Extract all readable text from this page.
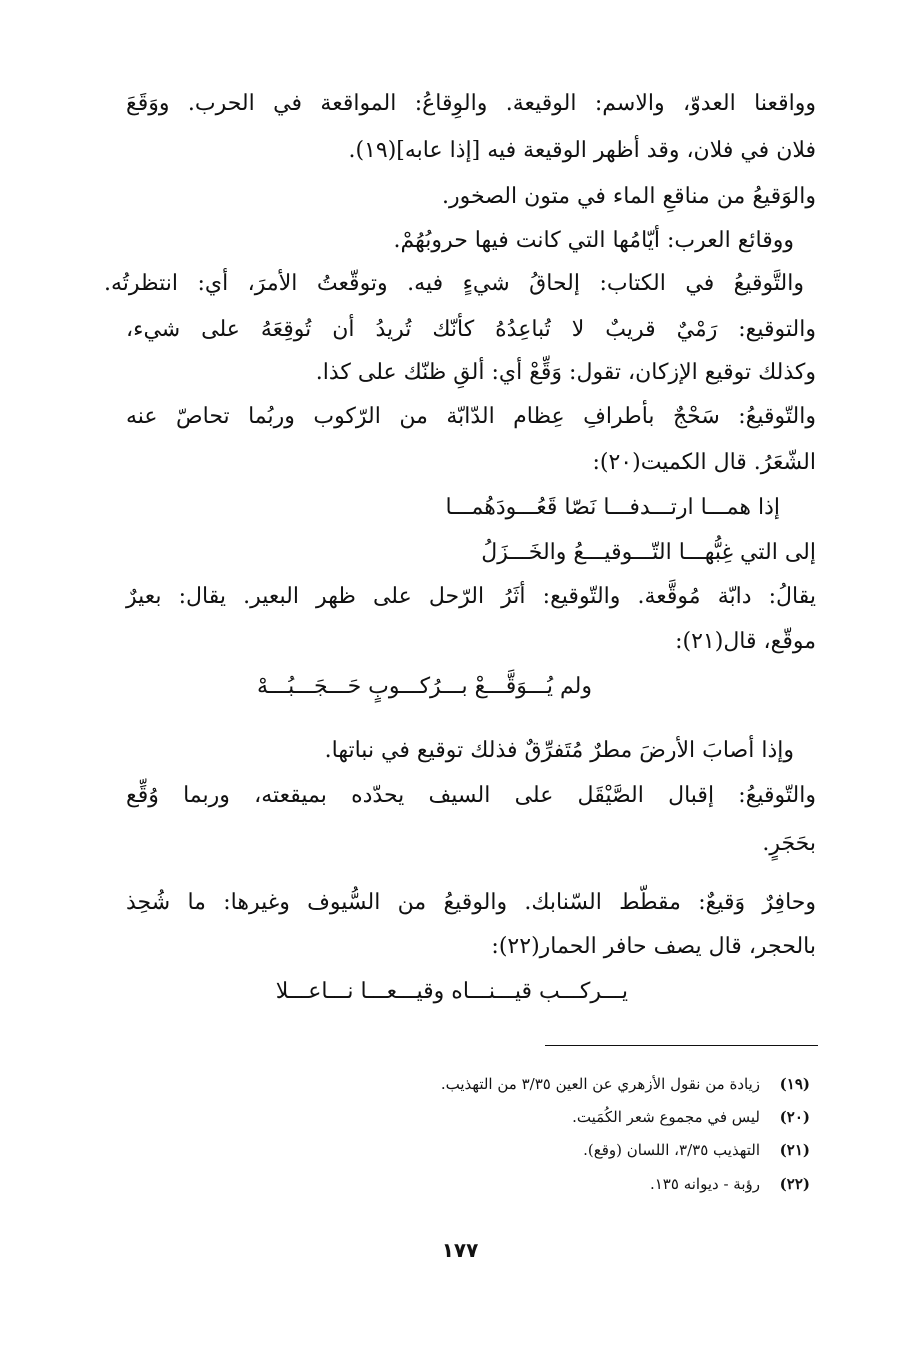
وواقعنا العدوّ، والاسم: الوقيعة. والوِقاعُ: المواقعة في الحرب. ووَقَعَ
فلان في فلان، وقد أظهر الوقيعة فيه [إذا عابه](١٩).
والوَقيعُ من مناقعِ الماء في متون الصخور.
ووقائع العرب: أيّامُها التي كانت فيها حروبُهُمْ.
والتَّوقيعُ في الكتاب: إلحاقُ شيءٍ فيه. وتوقّعتُ الأمرَ، أي: انتظرتُه.
والتوقيع: رَمْيٌ قريبٌ لا تُباعِدُهُ كأنّك تُريدُ أن تُوقِعَهُ على شيء،
وكذلك توقيع الإزكان، تقول: وَقِّعْ أي: ألقِ ظنّك على كذا.
والتّوقيعُ: سَحْجٌ بأطرافِ عِظام الدّابّة من الرّكوب وربُما تحاصّ عنه
الشّعَرُ. قال الكميت(٢٠):
إذا همـــا ارتـــدفـــا نَصّا قَعُـــودَهُمـــا
إلى التي غِبُّهـــا التّـــوقيـــعُ والخَـــزَلُ
يقالُ: دابّة مُوقَّعة. والتّوقيع: أثَرُ الرّحل على ظهر البعير. يقال: بعيرٌ
موقّع، قال(٢١):
ولم يُـــوَقَّـــعْ بـــرُكـــوبٍ حَـــجَـــبُـــهْ
وإذا أصابَ الأرضَ مطرٌ مُتَفرِّقٌ فذلك توقيع في نباتها.
والتّوقيعُ: إقبال الصَّيْقَل على السيف يحدّده بميقعته، وربما وُقِّع
بحَجَرٍ.
وحافِرٌ وَقيعٌ: مقطّط السّنابك. والوقيعُ من السُّيوف وغيرها: ما شُحِذ
بالحجر، قال يصف حافر الحمار(٢٢):
يـــركـــب قيـــنـــاه وقيـــعـــا نـــاعـــلا
(١٩)زيادة من نقول الأزهري عن العين ٣/٣٥ من التهذيب.
(٢٠)ليس في مجموع شعر الكُمَيت.
(٢١)التهذيب ٣/٣٥، اللسان (وقع).
(٢٢)رؤبة - ديوانه ١٣٥.
١٧٧
